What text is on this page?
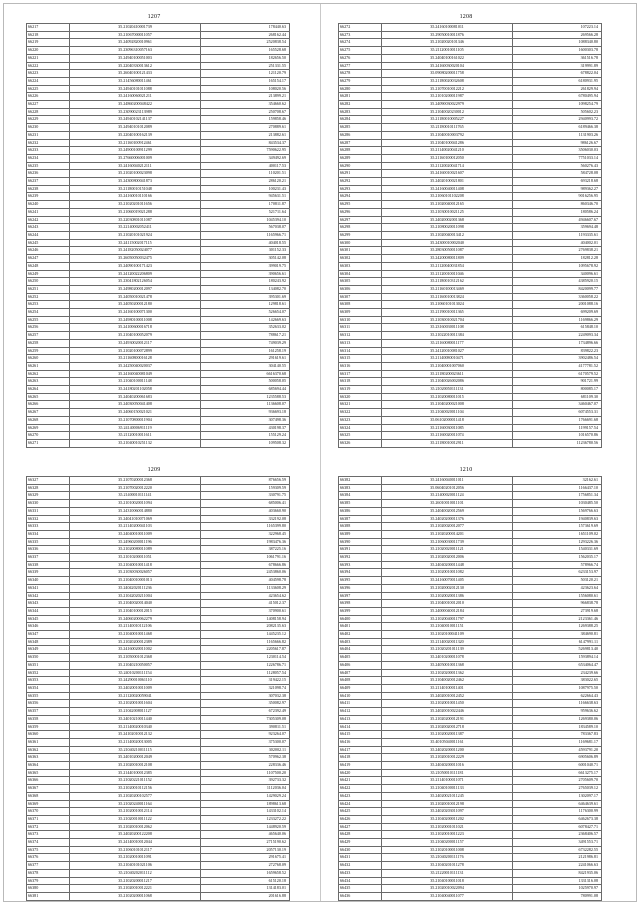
1207
66217	35.21020410001739	178440.63
66218	35.21067000011057	268162.44
66219	35.24092820010961	2520838.54
66220	35.23096310057163	165528.68
66221	35.24940100051003	182656.50
66222	35.22040330013612	251331.55
66223	35.26040100121433	121120.79
66224	35.21456080011461	165154.17
66225	35.24940101011088	108020.56
66226	35.24160060021211	213899.21
66227	35.24860200048422	354660.62
66228	35.23090023113989	250708.67
66229	35.24940102141137	159858.46
66230	35.24940101012089	270889.61
66231	35.22040100162139	213882.61
66232	35.21160100912461	843534.37
66233	35.24900100911299	7590622.95
66234	35.27660006001009	349492.69
66235	35.24160040212111	400117.53
66236	35.21020100023098	110201.51
66237	35.24300800041873	286120.21
66238	35.21180010151048	100231.43
66239	35.24160010110166	945631.51
66240	35.21020201011656	170811.87
66241	35.21060019021288	521711.64
66242	35.22030801011087	1045394.10
66243	35.22140002052411	567038.07
66244	35.21020101021924	1165966.71
66245	35.24115002017115	404018.55
66246	35.24182050024077	301152.33
66247	35.26050050032475	305142.08
66248	35.24090100171423	399019.75
66249	35.24120022206809	390656.61
66250	35.23041802126054	180243.92
66251	35.24980200012097	134082.70
66252	35.24050010021478	395301.69
66253	35.24050200012180	129818.61
66254	35.24160100071300	526654.07
66255	35.24980100011008	142669.63
66256	35.24100600016718	352633.02
66257	35.21040100052079	788617.21
66258	35.24930020012117	749039.29
66259	35.21020100072899	161258.19
66260	35.21160800016128	291619.61
66261	35.24250040020037	304140.55
66262	35.24160040081049	6616370.68
66263	35.21040100011148	500058.05
66264	35.24180201102058	685694.44
66265	35.24040200061683	1235588.53
66266	35.24030050041408	1136608.07
66267	35.24060150021021	936693.18
66268	35.21070800011904	307498.36
66269	35.24140006911119	430198.37
66270	35.21120010011611	155129.24
66271	35.21040010251132	109508.32
1208
66272	35.24160100081011	107223.14
66273	35.29050010011876	269566.28
66274	35.21020020101346	1088340.80
66275	35.21120010011105	1600303.78
66276	35.24040100161022	361516.78
66277	35.24160030020104	319991.89
66278	35.09080200011758	678822.04
66279	35.21180020032608	6180931.95
66280	35.21070010012212	261829.94
66281	35.21010200011987	6780495.94
66282	35.24090030022979	1098254.79
66283	35.21040020230012	505602.23
66284	35.21180010005227	2940993.72
66285	35.21180010111765	6189466.38
66286	35.21040010003792	1131903.26
66287	35.21040100041286	986126.67
66288	35.21140020041210	3506030.03
66289	35.21160100012050	7751033.14
66290	35.21120020041714	560276.43
66291	35.24160010021607	584728.08
66292	35.24020100021801	693218.68
66293	35.24160040011408	989362.27
66294	35.21060101102208	9016256.95
66295	35.21020040012165	860346.70
66296	35.21030010021125	180586.24
66297	35.24020002001368	4946607.67
66298	35.21080020011098	359694.48
66299	35.21020040013412	1193335.61
66300	35.24300010002040	404002.01
66301	35.28030050011087	2769838.21
66302	35.24200080011809	182812.28
66303	35.21120040031854	1095678.92
66304	35.21120010011046	340096.61
66305	35.21180010312162	4385920.15
66306	35.21160100013469	8420099.77
66307	35.21160010013824	3360058.22
66308	35.21060101013024	2001088.16
66309	35.21190010011365	699209.69
66310	35.21030010021704	1169866.29
66311	35.23160030011108	615848.10
66312	35.21022010011384	2249093.34
66313	35.21160080011177	1734896.66
66314	35.24120010081027	839822.23
66315	35.21140080010471	3902486.54
66316	35.21040001007060	4177781.52
66317	35.21180200023611	6170579.52
66318	35.21040026002086	901721.99
66319	35.21020050111131	800085.17
66320	35.21020080011015	681109.30
66321	35.21040200021008	3460467.07
66322	35.21040020011104	6074553.31
66323	35.06102000011418	1766691.68
66324	35.21160030011085	1199157.54
66325	35.21160020011074	1016570.86
66326	35.21180010012911	11236780.56
1209
66327	35.21070200012368	876656.59
66328	35.21070020012220	159309.59
66329	35.21400010111141	330791.75
66330	35.21010020011094	685006.41
66331	35.24310060014880	403660.90
66332	35.24041010071069	332192.08
66333	35.21140200041103	1165399.80
66334	35.24040010011009	322968.45
66335	35.24960200011196	1983476.36
66336	35.21020080011089	387225.16
66337	35.21010200011051	1061791.16
66338	35.21040010011418	678666.86
66339	35.21030030026057	2453860.06
66340	35.21040010001013	404598.78
66341	35.24042020111236	1133608.29
66342	35.21042020211004	423654.62
66343	35.21040020014040	415012.37
66344	35.21040100012015	370900.61
66345	35.24060200062279	1408158.94
66346	35.21140010112106	2082135.63
66347	35.21040010011468	1445235.12
66348	35.21020200012389	1165666.82
66349	35.24160020011002	2205617.87
66350	35.21050001012368	1230114.54
66351	35.21040210050057	1226786.71
66352	35.24010200111154	1128057.54
66353	35.24290010061110	319422.15
66354	35.24020010011009	321098.74
66355	35.21120020059041	307032.38
66356	35.21020010011604	350082.97
66357	35.21042008011127	672392.49
66358	35.24010210011440	7305309.08
66359	35.21140020010340	390811.51
66360	35.24102010012132	923264.07
66361	35.21140020013005	375300.07
66362	35.21040210011115	302002.11
66363	35.24010200012049	570962.38
66364	35.21020010012108	228336.46
66365	35.21440100012385	1107500.20
66366	35.21020221011152	392733.32
66367	35.21020010112156	1112036.04
66368	35.21020200102577	1429029.24
66369	35.21020240011164	1898613.68
66370	35.21020010012114	1433102.14
66371	35.21020010011122	1233272.22
66372	35.21020010012062	1448920.59
66373	35.24020200122208	465640.06
66374	35.24140010012044	2715190.62
66375	35.21060101012117	2057130.19
66376	35.21020010011091	291675.41
66377	35.21040101021106	272768.09
66378	35.21040202011112	1659658.52
66379	35.21020200011217	615120.18
66380	35.21020010012221	1314183.01
66381	35.21020200011068	201616.88
1210
66382	35.24160040011011	32162.61
66383	35.06040201012056	1166437.10
66384	35.21400020011124	1756851.34
66385	35.26010010011101	1030485.50
66386	35.24040020012569	1569766.63
66387	35.24020200011376	1940839.63
66388	35.21020020012077	1573619.69
66389	35.21020200014201	1651109.02
66390	35.21060030011739	1293226.36
66391	35.21020020011121	1540331.69
66392	35.21020020012006	1562035.17
66393	35.24040200011448	578966.74
66394	35.21020010011082	6233153.97
66395	35.24160070011405	503120.21
66396	35.21020002012130	423623.64
66397	35.21020020011386	1556080.61
66398	35.21040010012010	966838.78
66399	35.24000040012184	273919.68
66400	35.21020040011797	2123361.46
66401	35.21040010011151	1269388.25
66402	35.21020100041109	384690.81
66403	35.21140020011320	6147991.11
66404	35.21020201011139	5269813.40
66405	35.24010200011078	1593894.14
66406	35.24050010011368	6534064.47
66407	35.21020200011362	234239.66
66408	35.21040020012462	383022.65
66409	35.21140100011401	1087975.50
66410	35.24020010012452	622664.43
66411	35.21020010011450	1166638.63
66412	35.24020010022446	959636.62
66413	35.21020200012191	1269380.06
66414	35.21020020012718	1834589.10
66415	35.21020020011387	783367.83
66416	35.40105040011161	1169681.17
66417	35.24020200011200	4593791.20
66418	35.21020010012229	6905606.89
66419	35.24040200011016	6001040.71
66420	35.21050010111181	6613275.17
66421	35.21140100011071	2705609.70
66422	35.21040100011133	2765039.12
66423	35.24020021011245	1302097.17
66424	35.21020010012198	6464639.61
66425	35.24020203011097	1176300.99
66426	35.21040200011202	6462673.38
66427	35.21020001011021	6078427.71
66428	35.21020010011223	2368406.57
66429	35.21040200011157	3491553.71
66430	35.21020100011008	6732282.55
66431	35.21040200111176	2121986.81
66432	35.21040201011278	2241066.63
66433	35.21220010111131	8421935.06
66434	35.21040100011018	1331316.08
66435	35.21020010022094	1025970.97
66436	35.21040040011077	780991.08
